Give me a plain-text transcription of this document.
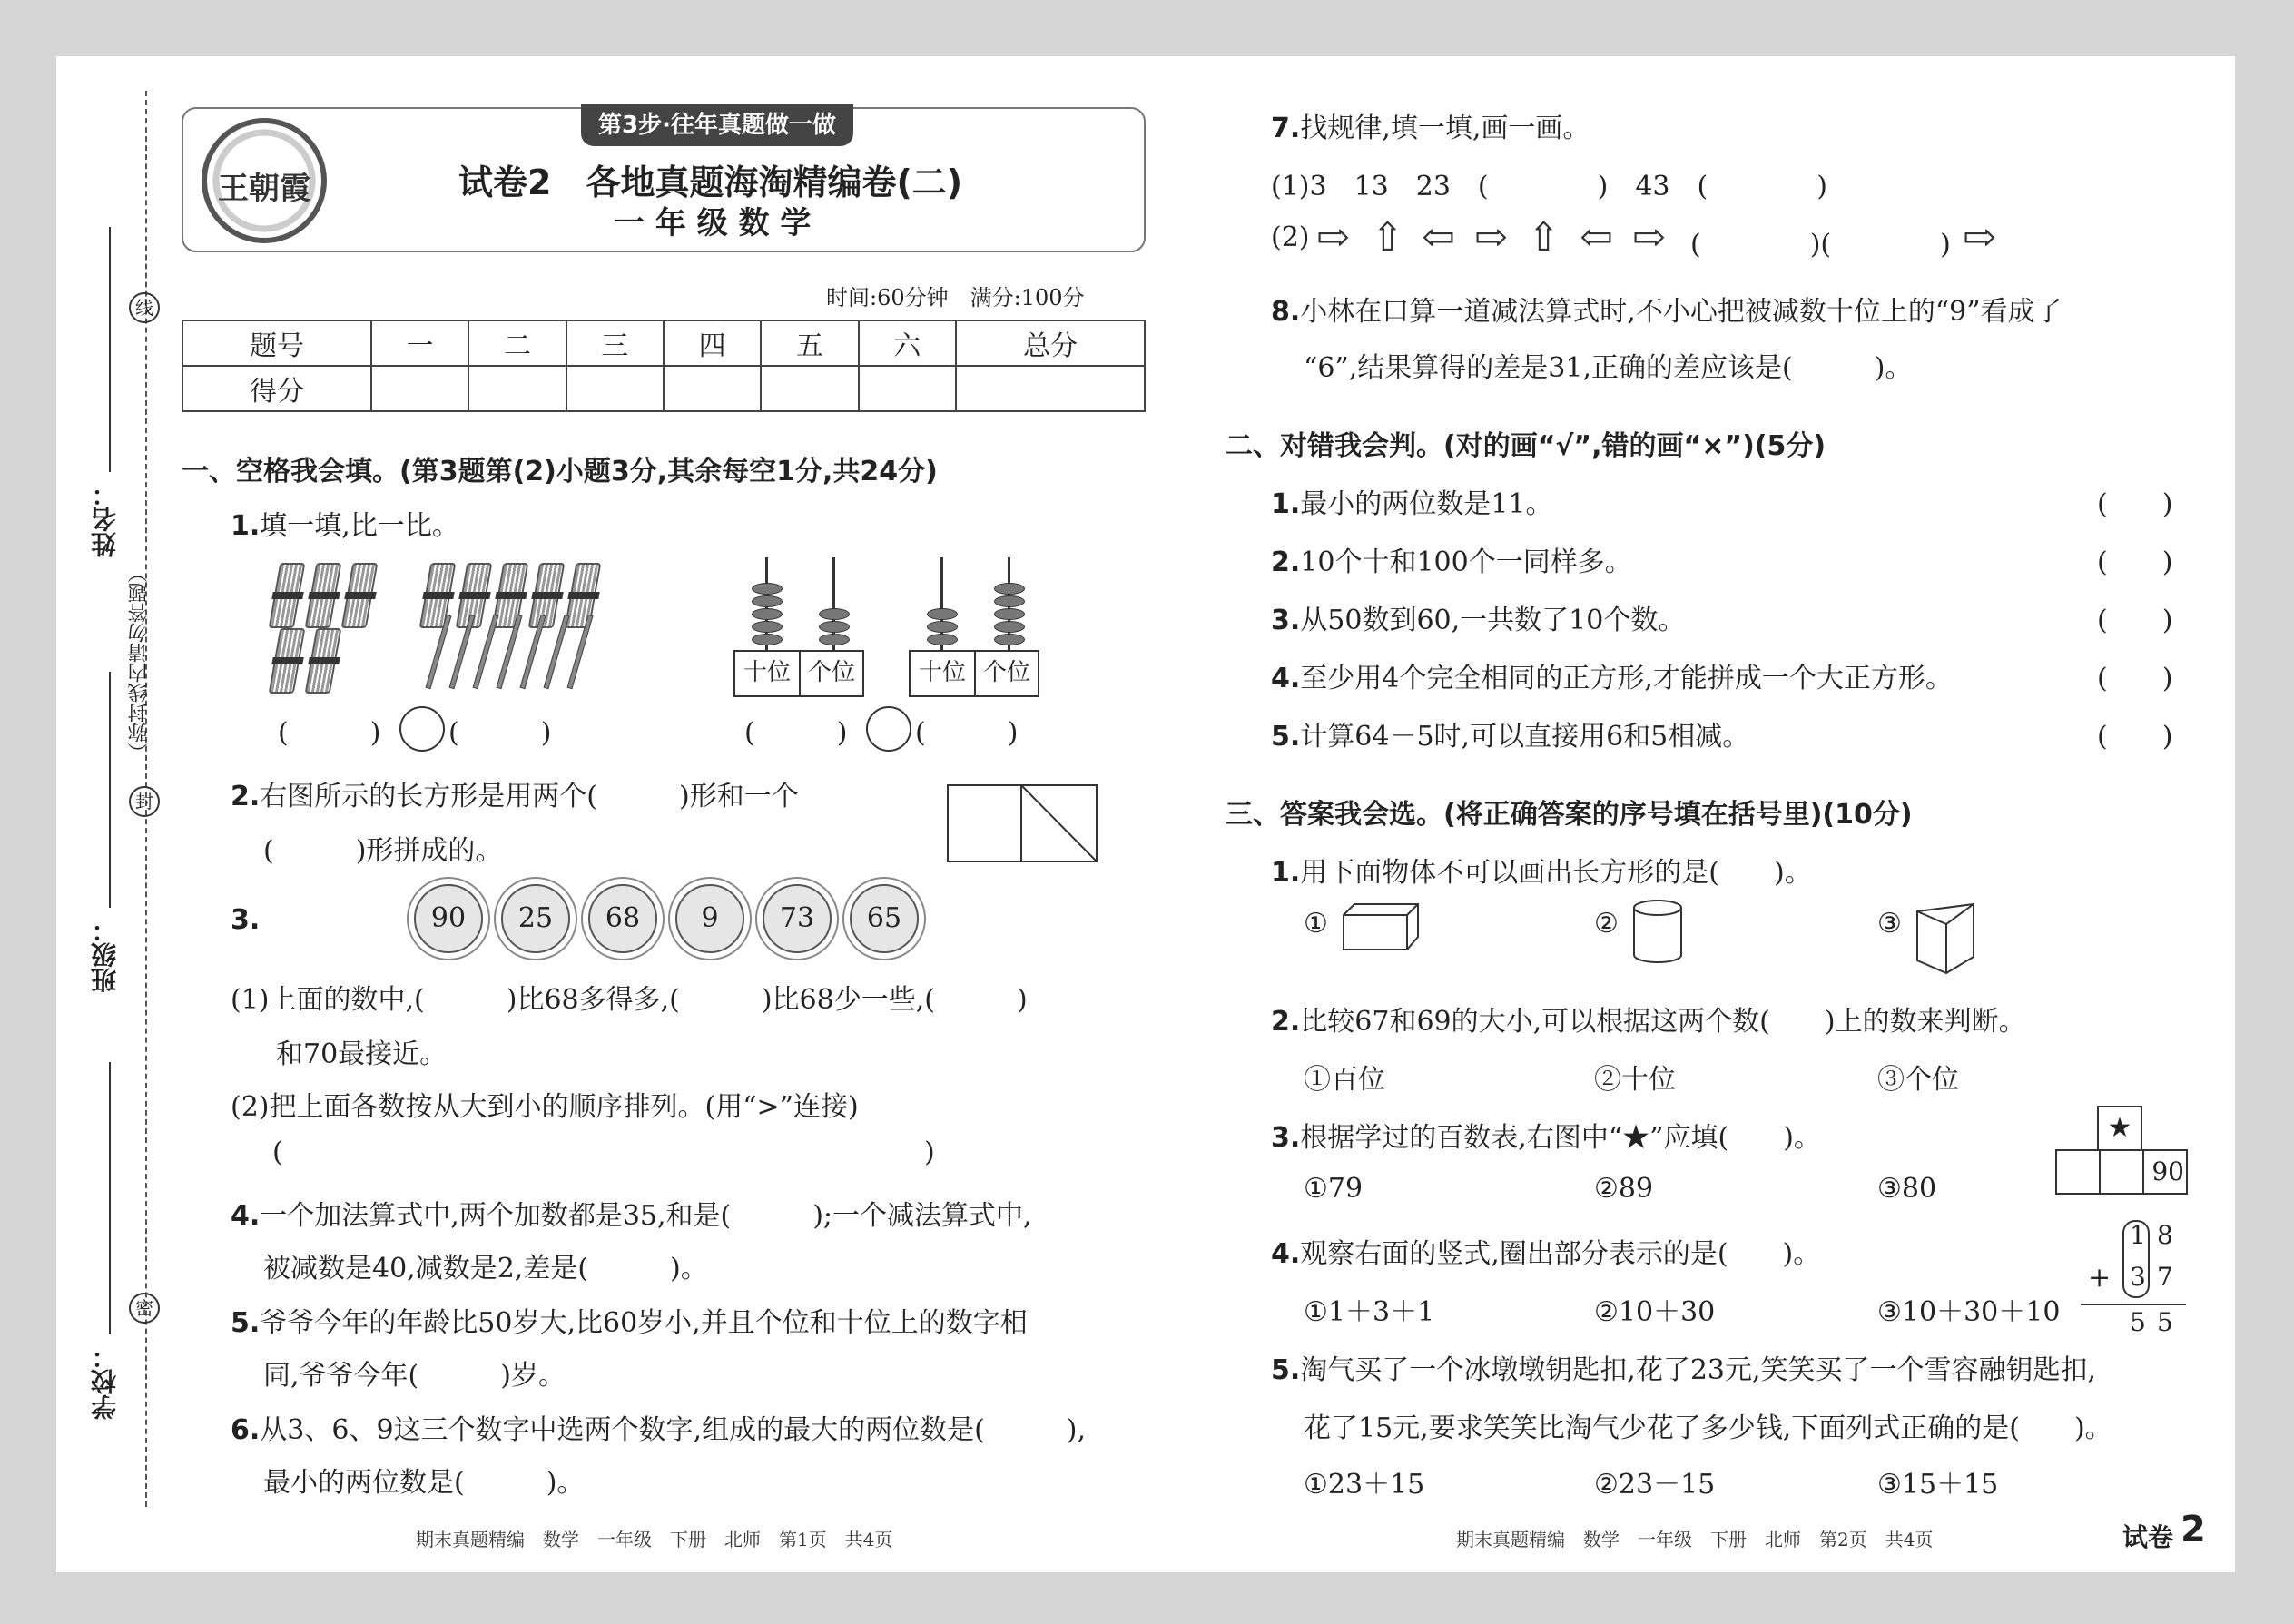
线
封
密
（弥封线内请勿答题）
姓名：
班级：
学校：
第3步·往年真题做一做
王朝霞	试卷2　各地真题海淘精编卷(二)
一 年 级 数 学
时间:60分钟　满分:100分
题号	一	二	三	四	五	六	总分
得分							
一、空格我会填。(第3题第(2)小题3分,其余每空1分,共24分)
1.填一填,比一比。
十位 个位	十位 个位
(　　　) (　　　)	(　　　) (　　　)
2.右图所示的长方形是用两个(　　　)形和一个
(　　　)形拼成的。
3.	90	25	68	9	73	65
(1)上面的数中,(　　　)比68多得多,(　　　)比68少一些,(　　　)
和70最接近。
(2)把上面各数按从大到小的顺序排列。(用“>”连接)
(	)
4.一个加法算式中,两个加数都是35,和是(　　　);一个减法算式中,
被减数是40,减数是2,差是(　　　)。
5.爷爷今年的年龄比50岁大,比60岁小,并且个位和十位上的数字相
同,爷爷今年(　　　)岁。
6.从3、6、9这三个数字中选两个数字,组成的最大的两位数是(　　　),
最小的两位数是(　　　)。
期末真题精编　数学　一年级　下册　北师　第1页　共4页
7.找规律,填一填,画一画。
(1)3　13　23　(　　　　)　43　(　　　　)
(2) ⇨ ⇧ ⇦ ⇨ ⇧ ⇦ ⇨ (　　　　)(　　　　) ⇨
8.小林在口算一道减法算式时,不小心把被减数十位上的“9”看成了
“6”,结果算得的差是31,正确的差应该是(　　　)。
二、对错我会判。(对的画“√”,错的画“×”)(5分)
1.最小的两位数是11。	(　　)
2.10个十和100个一同样多。	(　　)
3.从50数到60,一共数了10个数。	(　　)
4.至少用4个完全相同的正方形,才能拼成一个大正方形。	(　　)
5.计算64－5时,可以直接用6和5相减。	(　　)
三、答案我会选。(将正确答案的序号填在括号里)(10分)
1.用下面物体不可以画出长方形的是(　　)。
①	②	③
2.比较67和69的大小,可以根据这两个数(　　)上的数来判断。
①百位	②十位	③个位
3.根据学过的百数表,右图中“★”应填(　　)。
①79	②89	③80
★
90
4.观察右面的竖式,圈出部分表示的是(　　)。
①1＋3＋1	②10＋30	③10＋30＋10
1 8
+ 3 7
5 5
5.淘气买了一个冰墩墩钥匙扣,花了23元,笑笑买了一个雪容融钥匙扣,
花了15元,要求笑笑比淘气少花了多少钱,下面列式正确的是(　　)。
①23＋15	②23－15	③15＋15
期末真题精编　数学　一年级　下册　北师　第2页　共4页	试卷 2
